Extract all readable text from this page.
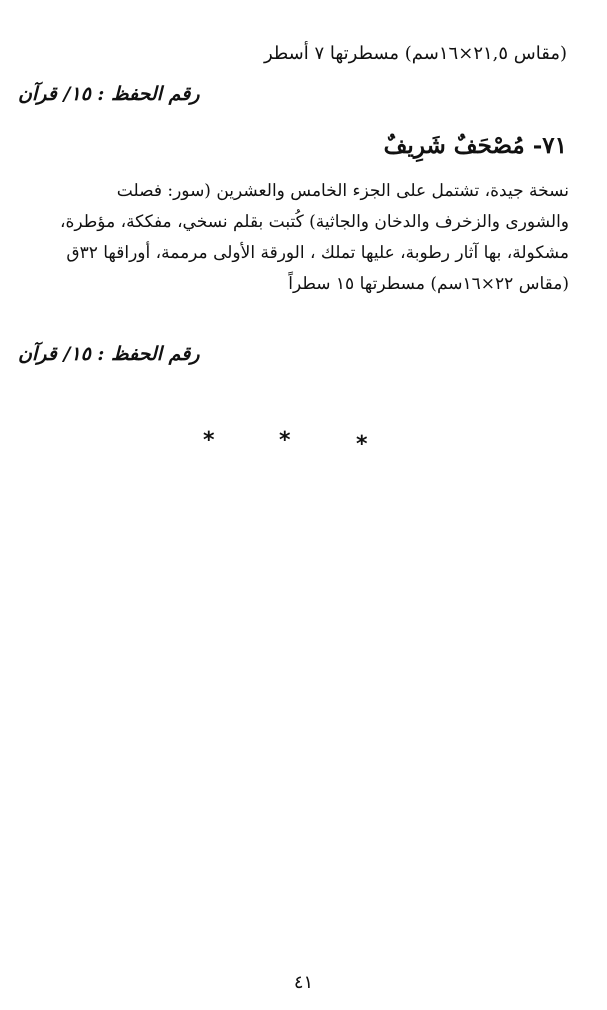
(مقاس ٢١,٥×١٦سم) مسطرتها ٧ أسطر
رقم الحفظ : ١٥/ قرآن
٧١- مُصْحَفٌ شَرِيفٌ
نسخة جيدة، تشتمل على الجزء الخامس والعشرين (سور: فصلت
والشورى والزخرف والدخان والجاثية) كُتبت بقلم نسخي، مفككة، مؤطرة،
مشكولة، بها آثار رطوبة، عليها تملك ، الورقة الأولى مرممة، أوراقها ٣٢ق
(مقاس ٢٢×١٦سم) مسطرتها ١٥ سطراً
رقم الحفظ : ١٥/ قرآن
*	*	*
٤١
